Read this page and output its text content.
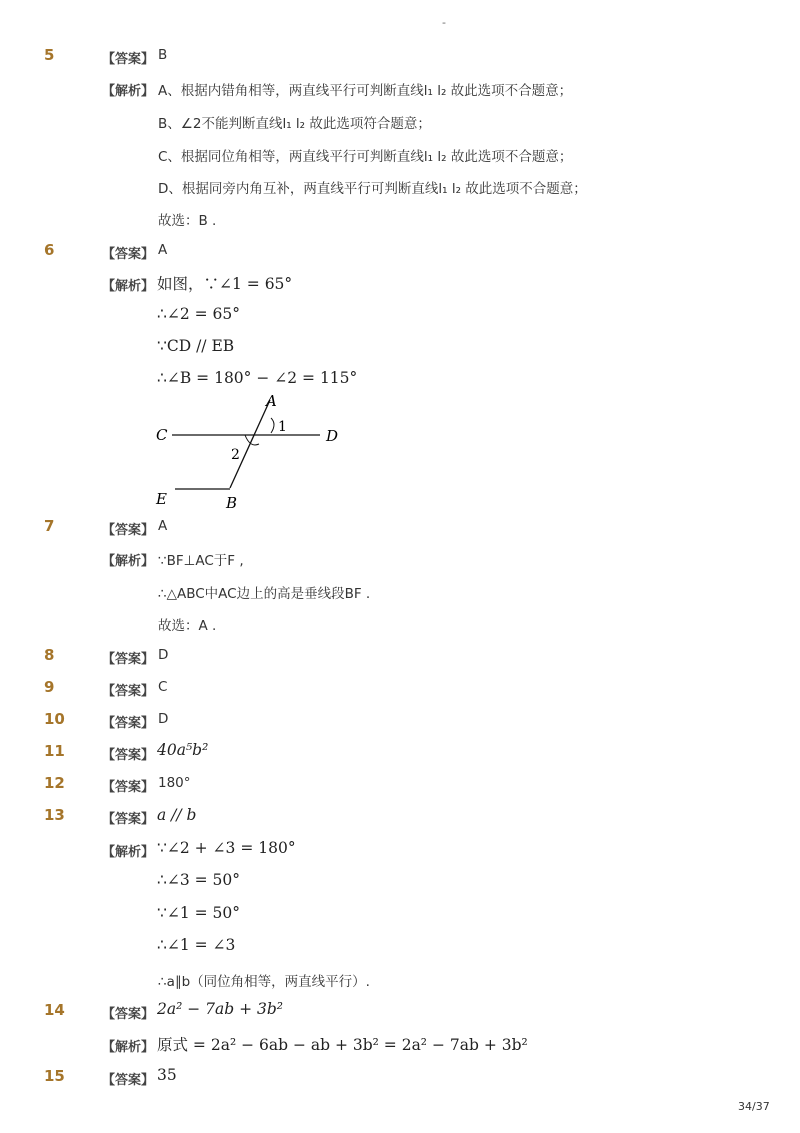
-
5	【答案】 B
【解析】 A、根据内错角相等，两直线平行可判断直线l₁ l₂ 故此选项不合题意；
B、∠2不能判断直线l₁ l₂ 故此选项符合题意；
C、根据同位角相等，两直线平行可判断直线l₁ l₂ 故此选项不合题意；
D、根据同旁内角互补，两直线平行可判断直线l₁ l₂ 故此选项不合题意；
故选：B .
6	【答案】 A
【解析】 如图，∵∠1 = 65°
∴∠2 = 65°
∵CD // EB
∴∠B = 180° − ∠2 = 115°
A
C	D
E	B
1
2
7	【答案】 A
【解析】 ∵BF⊥AC于F ,
∴△ABC中AC边上的高是垂线段BF .
故选：A .
8	【答案】 D
9	【答案】 C
10	【答案】 D
11	【答案】 40a⁵b²
12	【答案】 180°
13	【答案】 a // b
【解析】 ∵∠2 + ∠3 = 180°
∴∠3 = 50°
∵∠1 = 50°
∴∠1 = ∠3
∴a∥b（同位角相等，两直线平行）.
14	【答案】 2a² − 7ab + 3b²
【解析】 原式 = 2a² − 6ab − ab + 3b² = 2a² − 7ab + 3b²
15	【答案】 35
34/37
